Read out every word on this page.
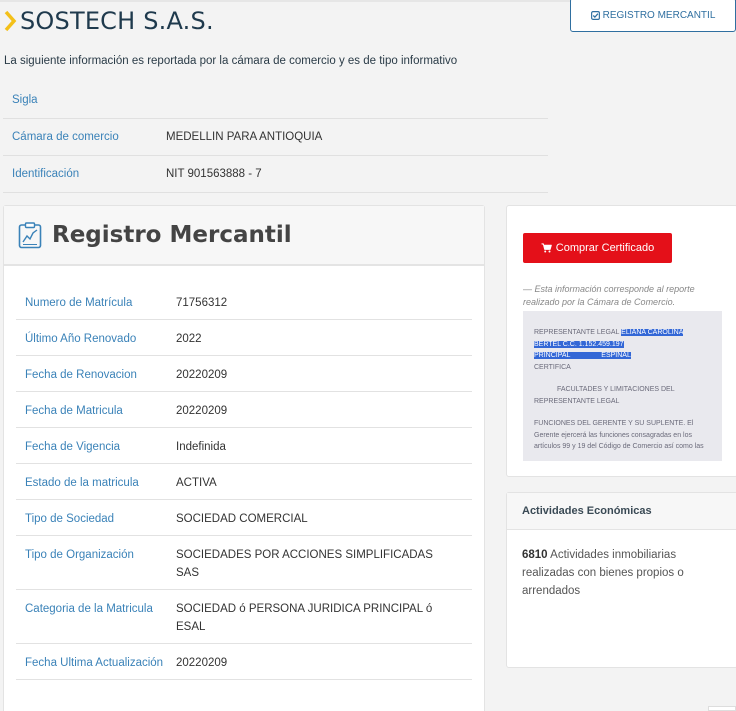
SOSTECH S.A.S.	REGISTRO MERCANTIL

La siguiente información es reportada por la cámara de comercio y es de tipo informativo

Sigla
Cámara de comercio	MEDELLIN PARA ANTIOQUIA
Identificación	NIT 901563888 - 7
Registro Mercantil
Numero de Matrícula	71756312
Último Año Renovado	2022
Fecha de Renovacion	20220209
Fecha de Matricula	20220209
Fecha de Vigencia	Indefinida
Estado de la matricula	ACTIVA
Tipo de Sociedad	SOCIEDAD COMERCIAL
Tipo de Organización	SOCIEDADES POR ACCIONES SIMPLIFICADAS SAS
Categoria de la Matricula	SOCIEDAD ó PERSONA JURIDICA PRINCIPAL ó ESAL
Fecha Ultima Actualización	20220209
Comprar Certificado

— Esta información corresponde al reporte realizado por la Cámara de Comercio.

REPRESENTANTE LEGAL ELIANA CAROLINA

BERTEL C.C. 1.152.459.197

PRINCIPAL                ESPINAL

CERTIFICA

FACULTADES Y LIMITACIONES DEL REPRESENTANTE LEGAL

FUNCIONES DEL GERENTE Y SU SUPLENTE. El Gerente ejercerá las funciones consagradas en los artículos 99 y 19 del Código de Comercio así como las

Actividades Económicas
6810 Actividades inmobiliarias realizadas con bienes propios o arrendados
